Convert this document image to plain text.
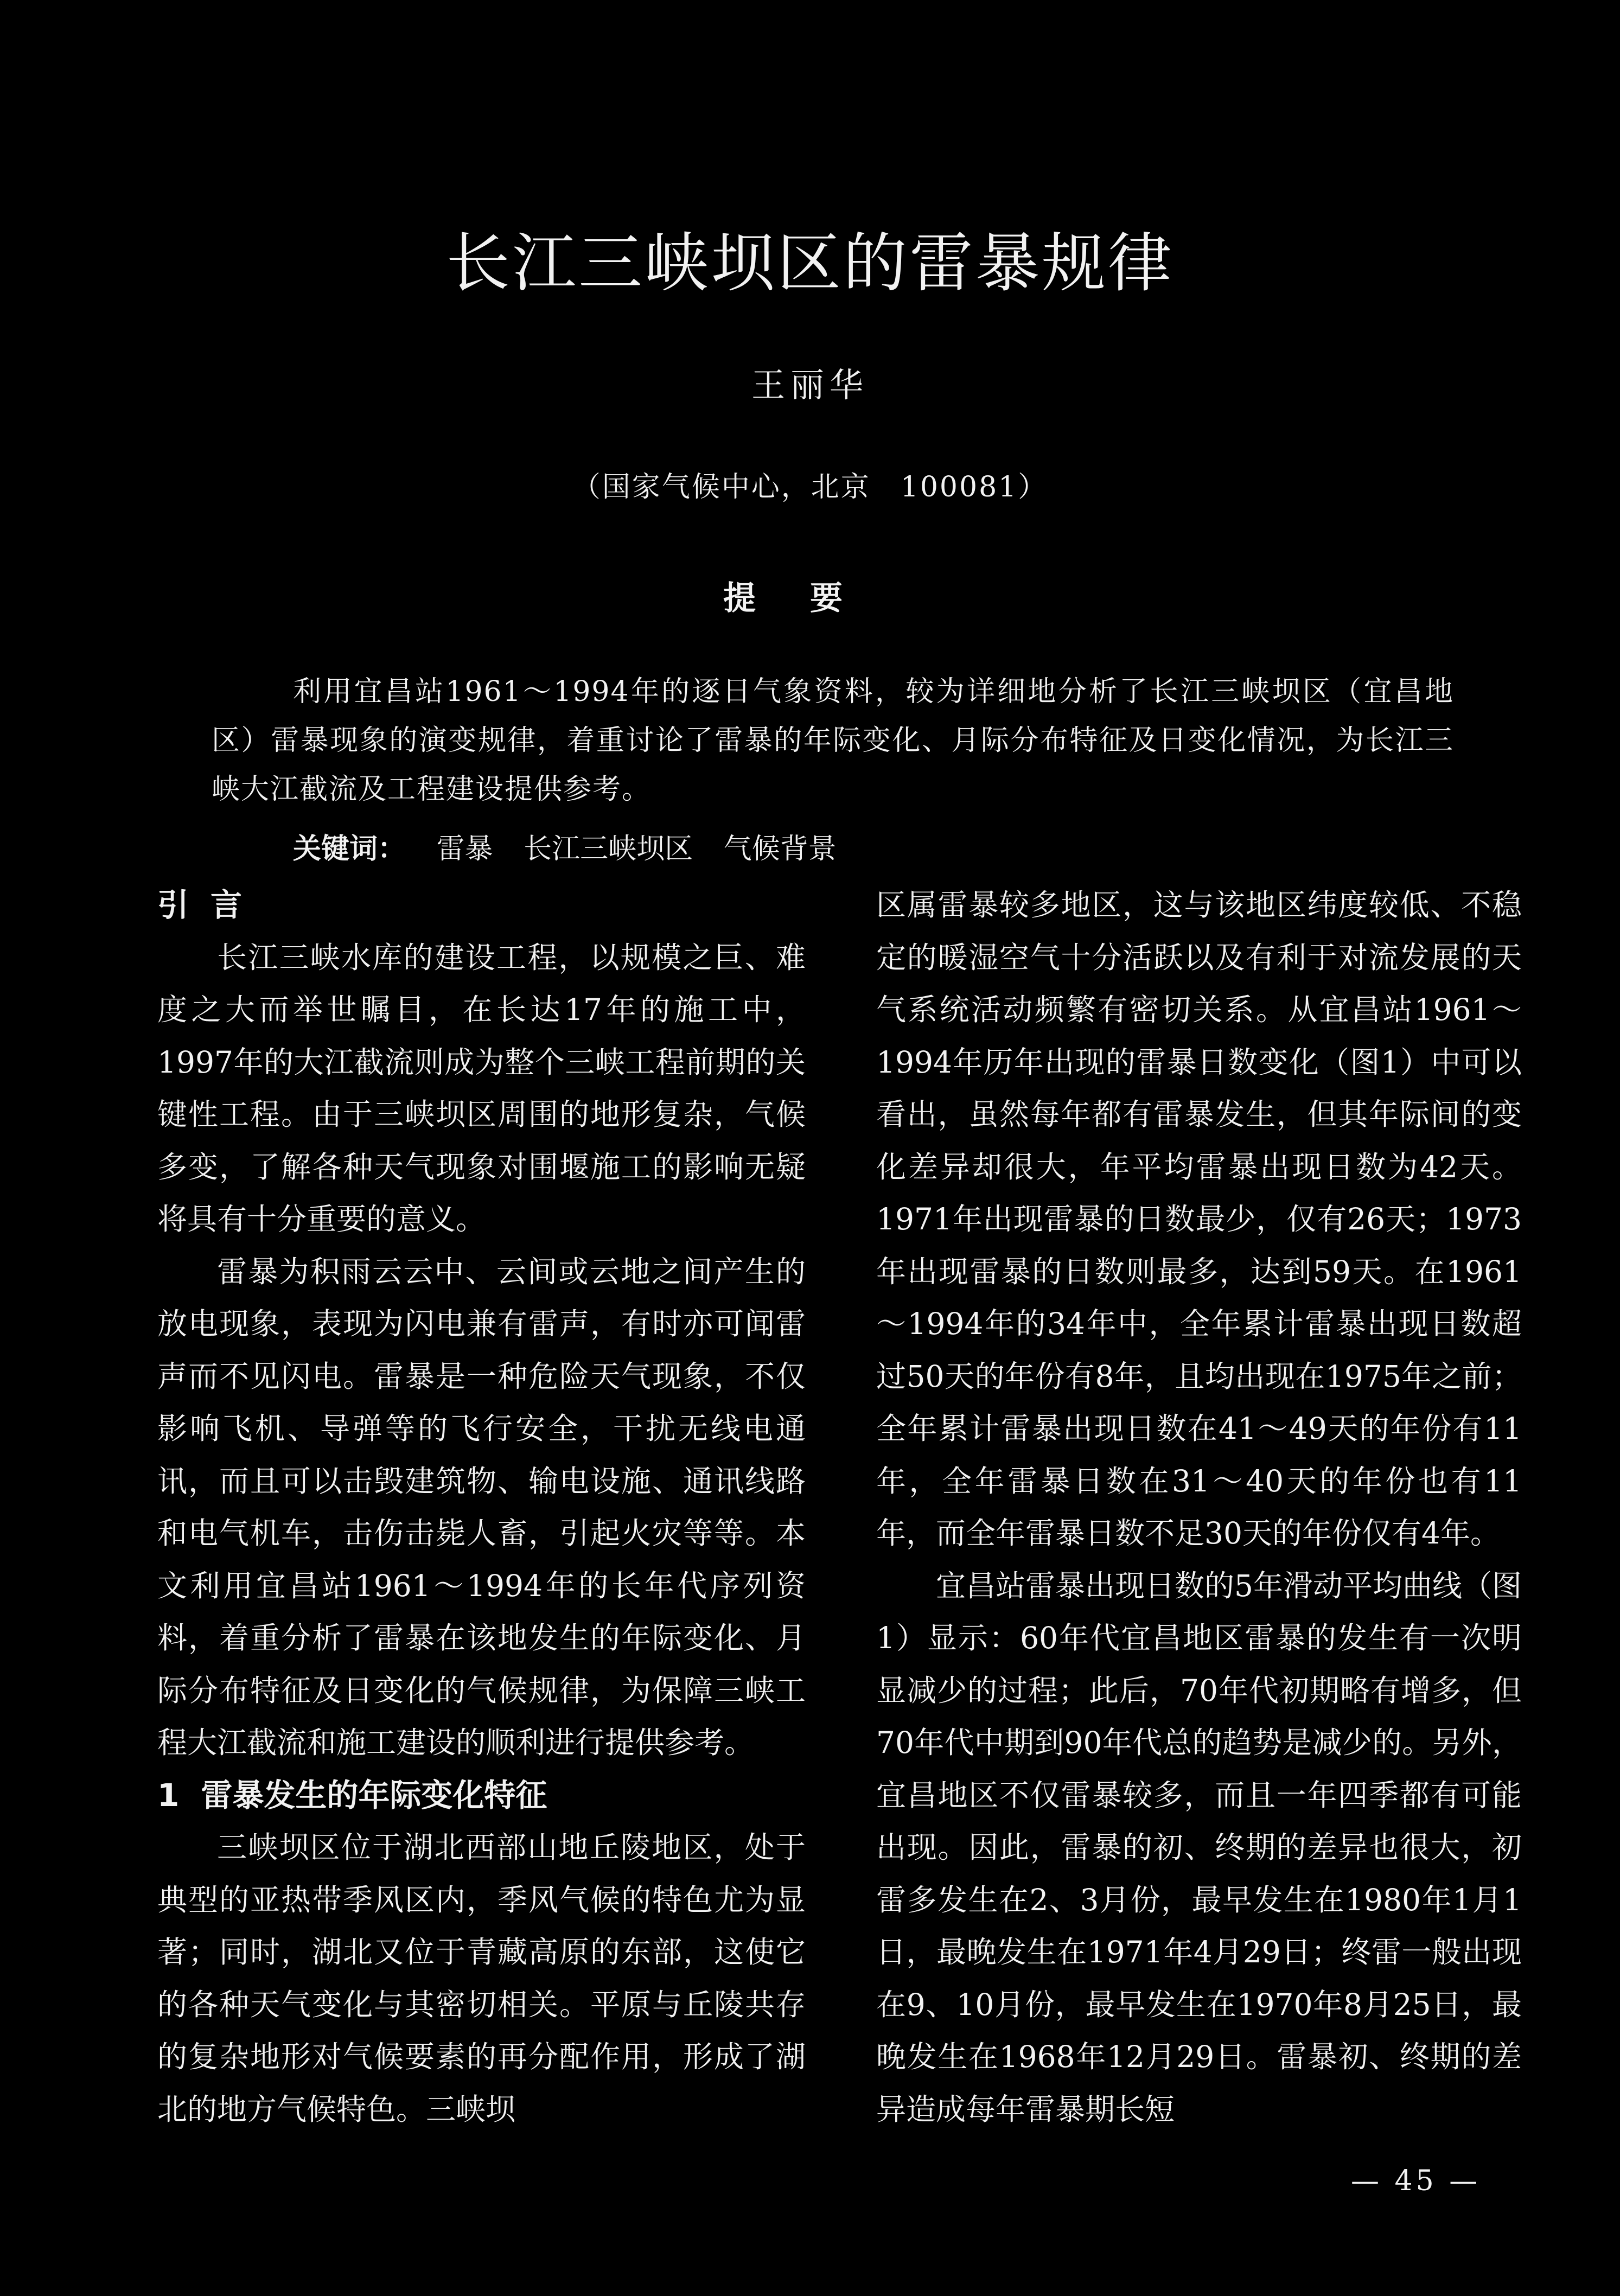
长江三峡坝区的雷暴规律
王丽华
（国家气候中心，北京　100081）
提要
利用宜昌站1961～1994年的逐日气象资料，较为详细地分析了长江三峡坝区（宜昌地区）雷暴现象的演变规律，着重讨论了雷暴的年际变化、月际分布特征及日变化情况，为长江三峡大江截流及工程建设提供参考。
关键词： 雷暴 长江三峡坝区 气候背景
引言

长江三峡水库的建设工程，以规模之巨、难度之大而举世瞩目，在长达17年的施工中，1997年的大江截流则成为整个三峡工程前期的关键性工程。由于三峡坝区周围的地形复杂，气候多变，了解各种天气现象对围堰施工的影响无疑将具有十分重要的意义。

雷暴为积雨云云中、云间或云地之间产生的放电现象，表现为闪电兼有雷声，有时亦可闻雷声而不见闪电。雷暴是一种危险天气现象，不仅影响飞机、导弹等的飞行安全，干扰无线电通讯，而且可以击毁建筑物、输电设施、通讯线路和电气机车，击伤击毙人畜，引起火灾等等。本文利用宜昌站1961～1994年的长年代序列资料，着重分析了雷暴在该地发生的年际变化、月际分布特征及日变化的气候规律，为保障三峡工程大江截流和施工建设的顺利进行提供参考。

1 雷暴发生的年际变化特征

三峡坝区位于湖北西部山地丘陵地区，处于典型的亚热带季风区内，季风气候的特色尤为显著；同时，湖北又位于青藏高原的东部，这使它的各种天气变化与其密切相关。平原与丘陵共存的复杂地形对气候要素的再分配作用，形成了湖北的地方气候特色。三峡坝

区属雷暴较多地区，这与该地区纬度较低、不稳定的暖湿空气十分活跃以及有利于对流发展的天气系统活动频繁有密切关系。从宜昌站1961～1994年历年出现的雷暴日数变化（图1）中可以看出，虽然每年都有雷暴发生，但其年际间的变化差异却很大，年平均雷暴出现日数为42天。1971年出现雷暴的日数最少，仅有26天；1973年出现雷暴的日数则最多，达到59天。在1961～1994年的34年中，全年累计雷暴出现日数超过50天的年份有8年，且均出现在1975年之前；全年累计雷暴出现日数在41～49天的年份有11年，全年雷暴日数在31～40天的年份也有11年，而全年雷暴日数不足30天的年份仅有4年。

宜昌站雷暴出现日数的5年滑动平均曲线（图1）显示：60年代宜昌地区雷暴的发生有一次明显减少的过程；此后，70年代初期略有增多，但70年代中期到90年代总的趋势是减少的。另外，宜昌地区不仅雷暴较多，而且一年四季都有可能出现。因此，雷暴的初、终期的差异也很大，初雷多发生在2、3月份，最早发生在1980年1月1日，最晚发生在1971年4月29日；终雷一般出现在9、10月份，最早发生在1970年8月25日，最晚发生在1968年12月29日。雷暴初、终期的差异造成每年雷暴期长短

— 45 —
